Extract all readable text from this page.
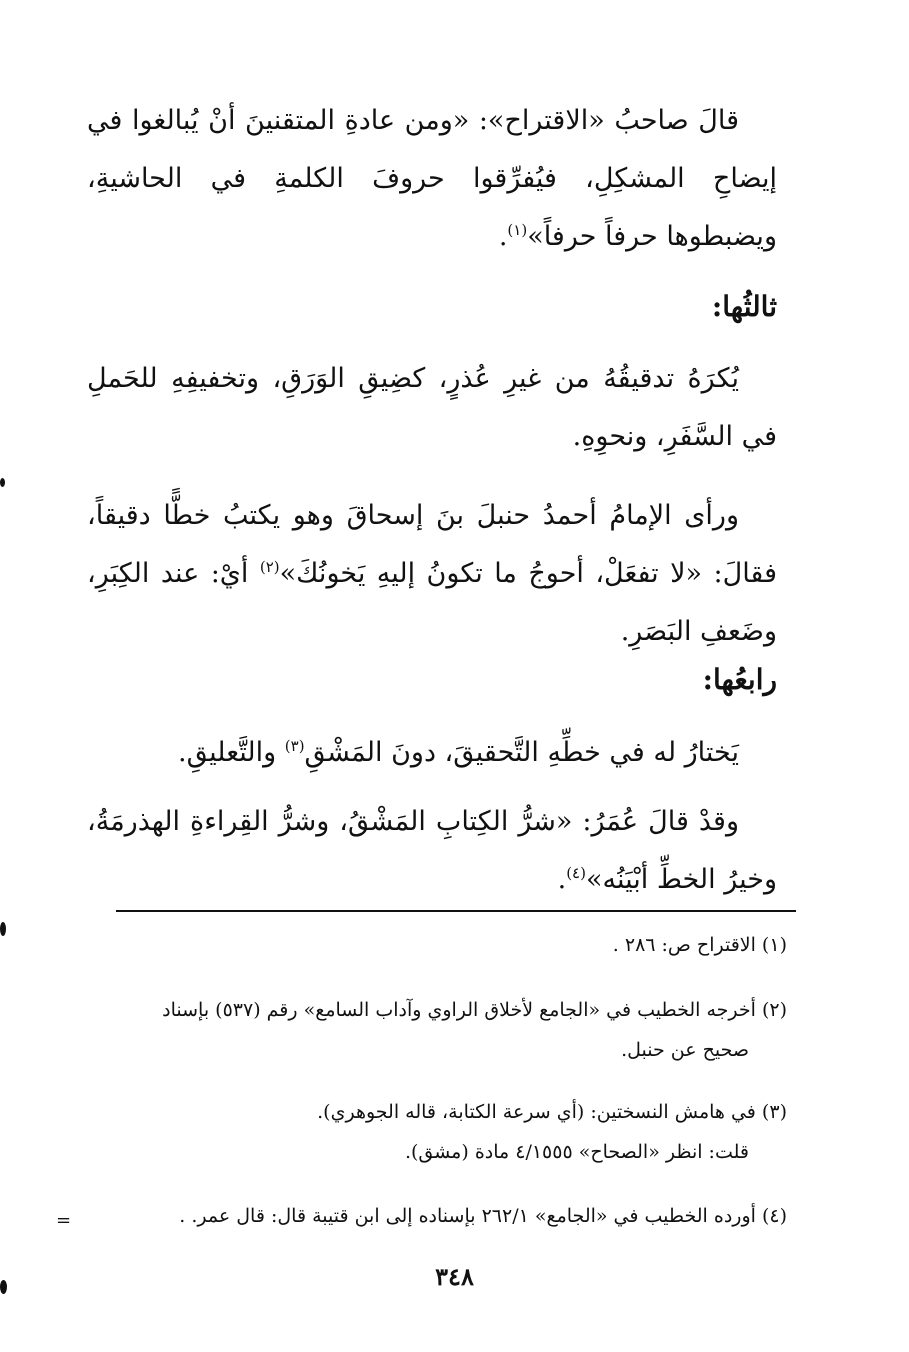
قالَ صاحبُ «الاقتراح»: «ومن عادةِ المتقنينَ أنْ يُبالغوا في إيضاحِ المشكِلِ، فيُفرِّقوا حروفَ الكلمةِ في الحاشيةِ، ويضبطوها حرفاً حرفاً»$^{(١)}$.
ثالثُها:
يُكرَهُ تدقيقُهُ من غيرِ عُذرٍ، كضِيقِ الوَرَقِ، وتخفيفِهِ للحَملِ في السَّفَرِ، ونحوِهِ.
ورأى الإمامُ أحمدُ حنبلَ بنَ إسحاقَ وهو يكتبُ خطًّا دقيقاً، فقالَ: «لا تفعَلْ، أحوجُ ما تكونُ إليهِ يَخونُكَ»$^{(٢)}$ أيْ: عند الكِبَرِ، وضَعفِ البَصَرِ.
رابعُها:
يَختارُ له في خطِّهِ التَّحقيقَ، دونَ المَشْقِ$^{(٣)}$ والتَّعليقِ.
وقدْ قالَ عُمَرُ: «شرُّ الكِتابِ المَشْقُ، وشرُّ القِراءةِ الهذرمَةُ، وخيرُ الخطِّ أبْيَنُه»$^{(٤)}$.
(١) الاقتراح ص: ٢٨٦ .
(٢) أخرجه الخطيب في «الجامع لأخلاق الراوي وآداب السامع» رقم (٥٣٧) بإسناد
صحيح عن حنبل.
(٣) في هامش النسختين: (أي سرعة الكتابة، قاله الجوهري).
قلت: انظر «الصحاح» ٤/١٥٥٥ مادة (مشق).
(٤) أورده الخطيب في «الجامع» ٢٦٢/١ بإسناده إلى ابن قتيبة قال: قال عمر. .
=
٣٤٨
